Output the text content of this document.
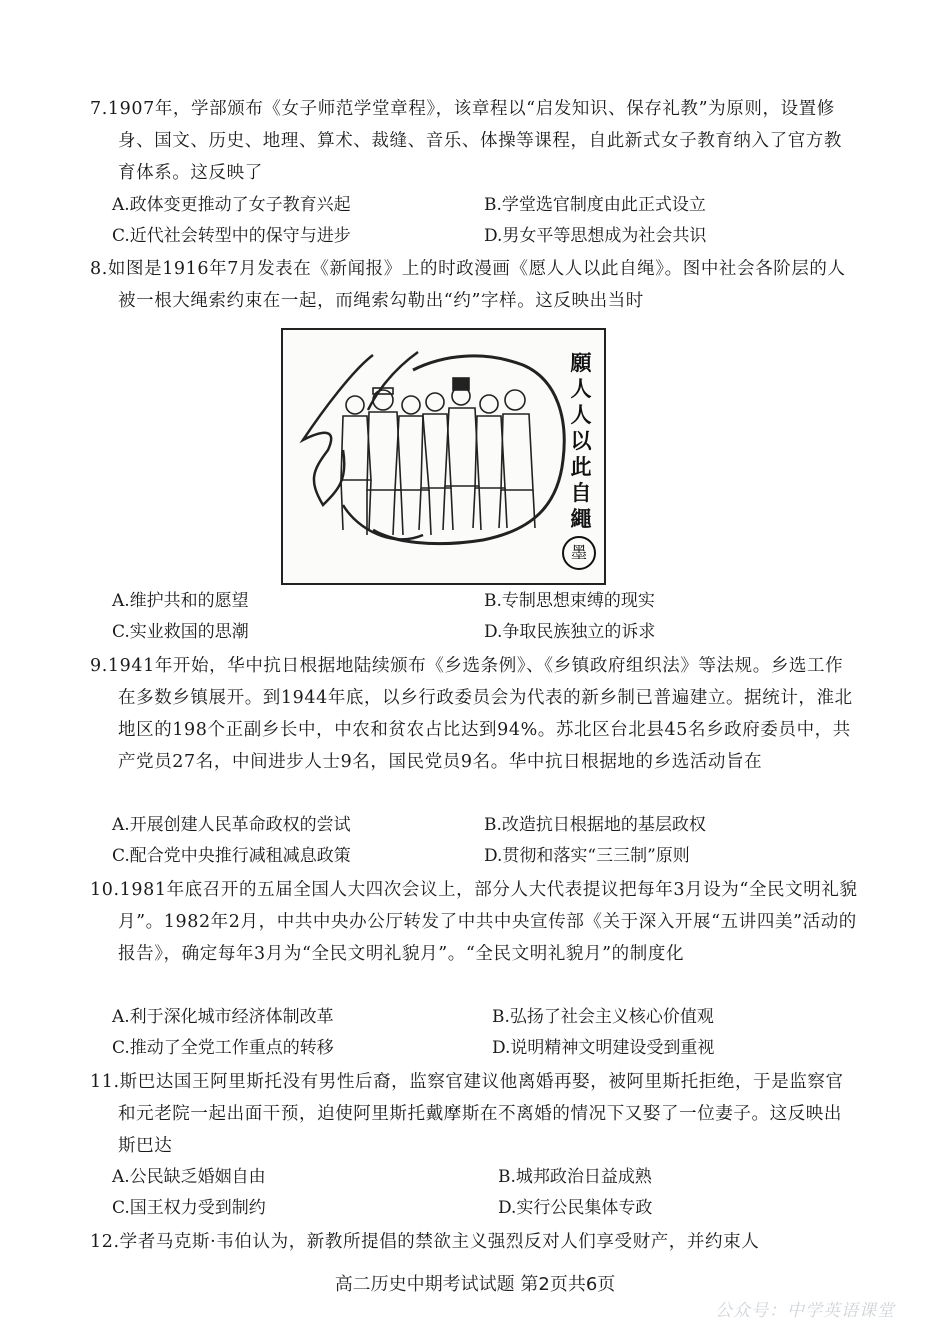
7.1907年，学部颁布《女子师范学堂章程》，该章程以“启发知识、保存礼教”为原则，设置修身、国文、历史、地理、算术、裁缝、音乐、体操等课程，自此新式女子教育纳入了官方教育体系。这反映了

A.政体变更推动了女子教育兴起	B.学堂选官制度由此正式设立
C.近代社会转型中的保守与进步	D.男女平等思想成为社会共识

8.如图是1916年7月发表在《新闻报》上的时政漫画《愿人人以此自绳》。图中社会各阶层的人被一根大绳索约束在一起，而绳索勾勒出“约”字样。这反映出当时

願人人以此自繩
墨
A.维护共和的愿望	B.专制思想束缚的现实
C.实业救国的思潮	D.争取民族独立的诉求

9.1941年开始，华中抗日根据地陆续颁布《乡选条例》、《乡镇政府组织法》等法规。乡选工作在多数乡镇展开。到1944年底，以乡行政委员会为代表的新乡制已普遍建立。据统计，淮北地区的198个正副乡长中，中农和贫农占比达到94%。苏北区台北县45名乡政府委员中，共产党员27名，中间进步人士9名，国民党员9名。华中抗日根据地的乡选活动旨在

A.开展创建人民革命政权的尝试	B.改造抗日根据地的基层政权
C.配合党中央推行减租减息政策	D.贯彻和落实“三三制”原则

10.1981年底召开的五届全国人大四次会议上，部分人大代表提议把每年3月设为“全民文明礼貌月”。1982年2月，中共中央办公厅转发了中共中央宣传部《关于深入开展“五讲四美”活动的报告》，确定每年3月为“全民文明礼貌月”。“全民文明礼貌月”的制度化

A.利于深化城市经济体制改革	B.弘扬了社会主义核心价值观
C.推动了全党工作重点的转移	D.说明精神文明建设受到重视

11.斯巴达国王阿里斯托没有男性后裔，监察官建议他离婚再娶，被阿里斯托拒绝，于是监察官和元老院一起出面干预，迫使阿里斯托戴摩斯在不离婚的情况下又娶了一位妻子。这反映出斯巴达

A.公民缺乏婚姻自由	B.城邦政治日益成熟
C.国王权力受到制约	D.实行公民集体专政

12.学者马克斯·韦伯认为，新教所提倡的禁欲主义强烈反对人们享受财产，并约束人

高二历史中期考试试题 第2页共6页
公众号：中学英语课堂
